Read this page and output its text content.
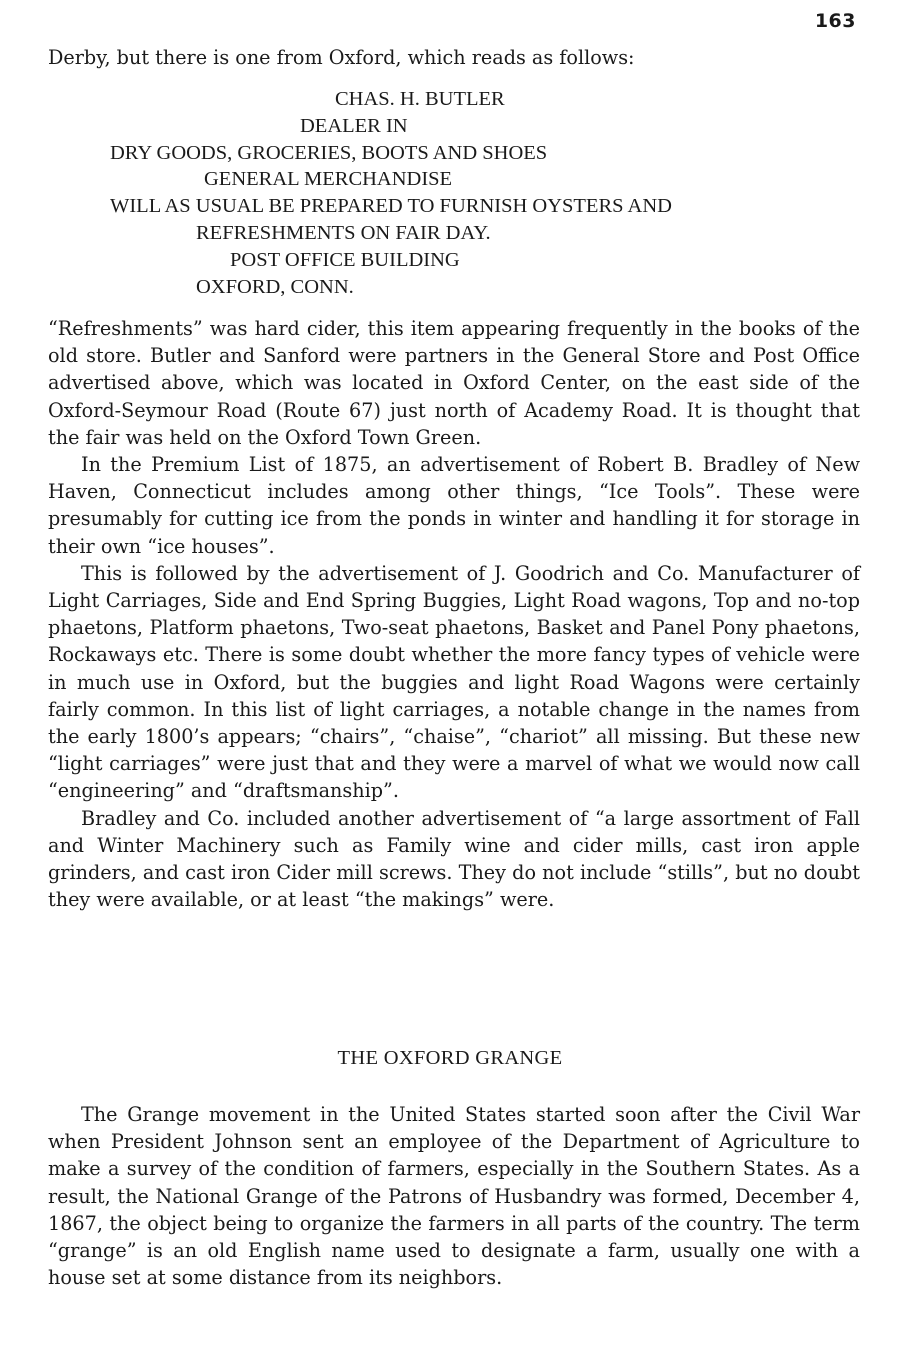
163
Derby, but there is one from Oxford, which reads as follows:
CHAS. H. BUTLER
DEALER IN
DRY GOODS, GROCERIES, BOOTS AND SHOES
GENERAL MERCHANDISE
WILL AS USUAL BE PREPARED TO FURNISH OYSTERS AND
REFRESHMENTS ON FAIR DAY.
POST OFFICE BUILDING
OXFORD, CONN.

“Refreshments” was hard cider, this item appearing frequently in the books of the old store. Butler and Sanford were partners in the General Store and Post Office advertised above, which was located in Oxford Center, on the east side of the Oxford-Seymour Road (Route 67) just north of Academy Road. It is thought that the fair was held on the Oxford Town Green.

In the Premium List of 1875, an advertisement of Robert B. Bradley of New Haven, Connecticut includes among other things, “Ice Tools”. These were presumably for cutting ice from the ponds in winter and handling it for storage in their own “ice houses”.

This is followed by the advertisement of J. Goodrich and Co. Manufacturer of Light Carriages, Side and End Spring Buggies, Light Road wagons, Top and no-top phaetons, Platform phaetons, Two-seat phaetons, Basket and Panel Pony phaetons, Rockaways etc. There is some doubt whether the more fancy types of vehicle were in much use in Oxford, but the buggies and light Road Wagons were certainly fairly common. In this list of light carriages, a notable change in the names from the early 1800’s appears; “chairs”, “chaise”, “chariot” all missing. But these new “light carriages” were just that and they were a marvel of what we would now call “engineering” and “draftsmanship”.

Bradley and Co. included another advertisement of “a large assortment of Fall and Winter Machinery such as Family wine and cider mills, cast iron apple grinders, and cast iron Cider mill screws. They do not include “stills”, but no doubt they were available, or at least “the makings” were.

THE OXFORD GRANGE

The Grange movement in the United States started soon after the Civil War when President Johnson sent an employee of the Department of Agriculture to make a survey of the condition of farmers, especially in the Southern States. As a result, the National Grange of the Patrons of Husbandry was formed, December 4, 1867, the object being to organize the farmers in all parts of the country. The term “grange” is an old English name used to designate a farm, usually one with a house set at some distance from its neighbors.
